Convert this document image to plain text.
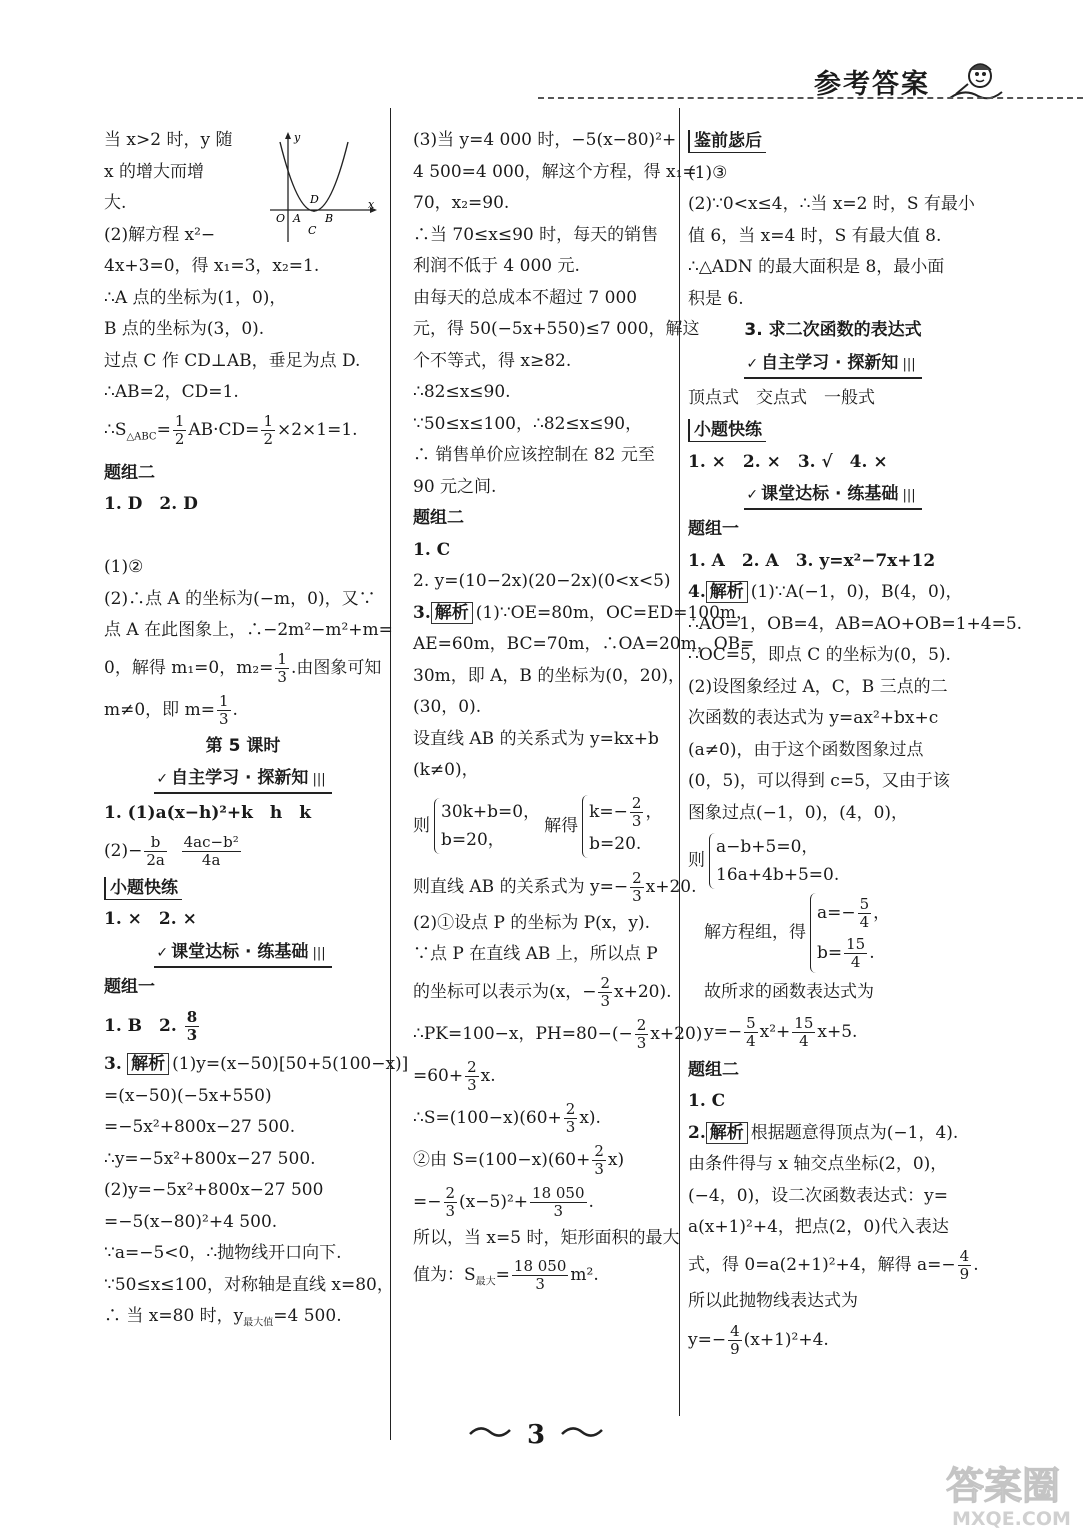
参考答案
y
x
O A B
C
D
当 x>2 时，y 随
x 的增大而增
大.
(2)解方程 x²−
4x+3=0，得 x₁=3，x₂=1.
∴A 点的坐标为(1，0)，
B 点的坐标为(3，0).
过点 C 作 CD⊥AB，垂足为点 D.
∴AB=2，CD=1.
$\therefore S_{\triangle ABC}= \frac{1}{2} AB\cdot CD= \frac{1}{2} \times 2\times 1=1$.
题组二
1. D　2. D
(1)②
(2)∴点 A 的坐标为(−m，0)，又∵
点 A 在此图象上，∴−2m²−m²+m=
0，解得 m₁=0，$m_2= \frac{1}{3}$ .由图象可知
m≠0，即 $m= \frac{1}{3}$ .
第 5 课时
✓ 自主学习 · 探新知 |||
1. (1)a(x−h)²+k　h　k
$(2)- \frac{b}{2a}$
$\frac{\text{4ac−b²}}{4a}$
小题快练
1. ×　2. ×
✓ 课堂达标 · 练基础 |||
题组一
1. B　2. $\frac{8}{3}$
3. 解析 (1)y=(x−50)[50+5(100−x)]
=(x−50)(−5x+550)
=−5x²+800x−27 500.
∴y=−5x²+800x−27 500.
(2)y=−5x²+800x−27 500
=−5(x−80)²+4 500.
∵a=−5<0，∴抛物线开口向下.
∵50≤x≤100，对称轴是直线 x=80，
∴ 当 x=80 时，$y_{最大值}=4$ 500.
(3)当 y=4 000 时，−5(x−80)²+
4 500=4 000，解这个方程，得 x₁=
70，x₂=90.
∴当 70≤x≤90 时，每天的销售
利润不低于 4 000 元.
由每天的总成本不超过 7 000
元，得 50(−5x+550)≤7 000，解这
个不等式，得 x≥82.
∴82≤x≤90.
∵50≤x≤100，∴82≤x≤90，
∴ 销售单价应该控制在 82 元至
90 元之间.
题组二
1. C
2. y=(10−2x)(20−2x)(0<x<5)
3. 解析 (1)∵OE=80m，OC=ED=100m，
AE=60m，BC=70m，∴OA=20m，OB=
30m，即 A，B 的坐标为(0，20)，
(30，0).
设直线 AB 的关系式为 y=kx+b
(k≠0)，
则
30k+b=0，
b=20，
解得
$k=- \frac{2}{3}$ ，
b=20.
则直线 AB 的关系式为 $y=- \frac{2}{3} x+20$.
(2)①设点 P 的坐标为 P(x，y).
∵点 P 在直线 AB 上，所以点 P
的坐标可以表示为(x，− $\frac{2}{3} x+20$).
∴PK=100−x，$PH=80-(- \frac{2}{3} x+20)$
$=60+ \frac{2}{3} x$.
∴S=(100−x)(60+ $\frac{2}{3} x$).
②由 $S=(100-x)(60+ \frac{2}{3} x)$
=− $\frac{2}{3} (x-5)^2+ \frac{18 050}{3}$ .
所以，当 x=5 时，矩形面积的最大
值为：$S_{最大}= \frac{18 050}{3} m^2$.
鉴前毖后
(1)③
(2)∵0<x≤4，∴当 x=2 时，S 有最小
值 6，当 x=4 时，S 有最大值 8.
∴△ADN 的最大面积是 8，最小面
积是 6.
3. 求二次函数的表达式
✓ 自主学习 · 探新知 |||
顶点式　交点式　一般式
小题快练
1. ×　2. ×　3. √　4. ×
✓ 课堂达标 · 练基础 |||
题组一
1. A　2. A　3. y=x²−7x+12
4. 解析 (1)∵A(−1，0)，B(4，0)，
∴AO=1，OB=4，AB=AO+OB=1+4=5.
∴OC=5，即点 C 的坐标为(0，5).
(2)设图象经过 A，C，B 三点的二
次函数的表达式为 y=ax²+bx+c
(a≠0)，由于这个函数图象过点
(0，5)，可以得到 c=5，又由于该
图象过点(−1，0)，(4，0)，
则
a−b+5=0，
16a+4b+5=0.
解方程组，得
$a=- \frac{5}{4}$ ，
$b= \frac{15}{4}$ .
故所求的函数表达式为
$y=- \frac{5}{4} x^2+ \frac{15}{4} x+5$.
题组二
1. C
2. 解析 根据题意得顶点为(−1，4).
由条件得与 x 轴交点坐标(2，0)，
(−4，0)，设二次函数表达式：y=
a(x+1)²+4，把点(2，0)代入表达
式，得 0=a(2+1)²+4，解得 $a=- \frac{4}{9}$ .
所以此抛物线表达式为
$y=- \frac{4}{9} (x+1)^2+4$.
3
答案圈
MXQE.COM
